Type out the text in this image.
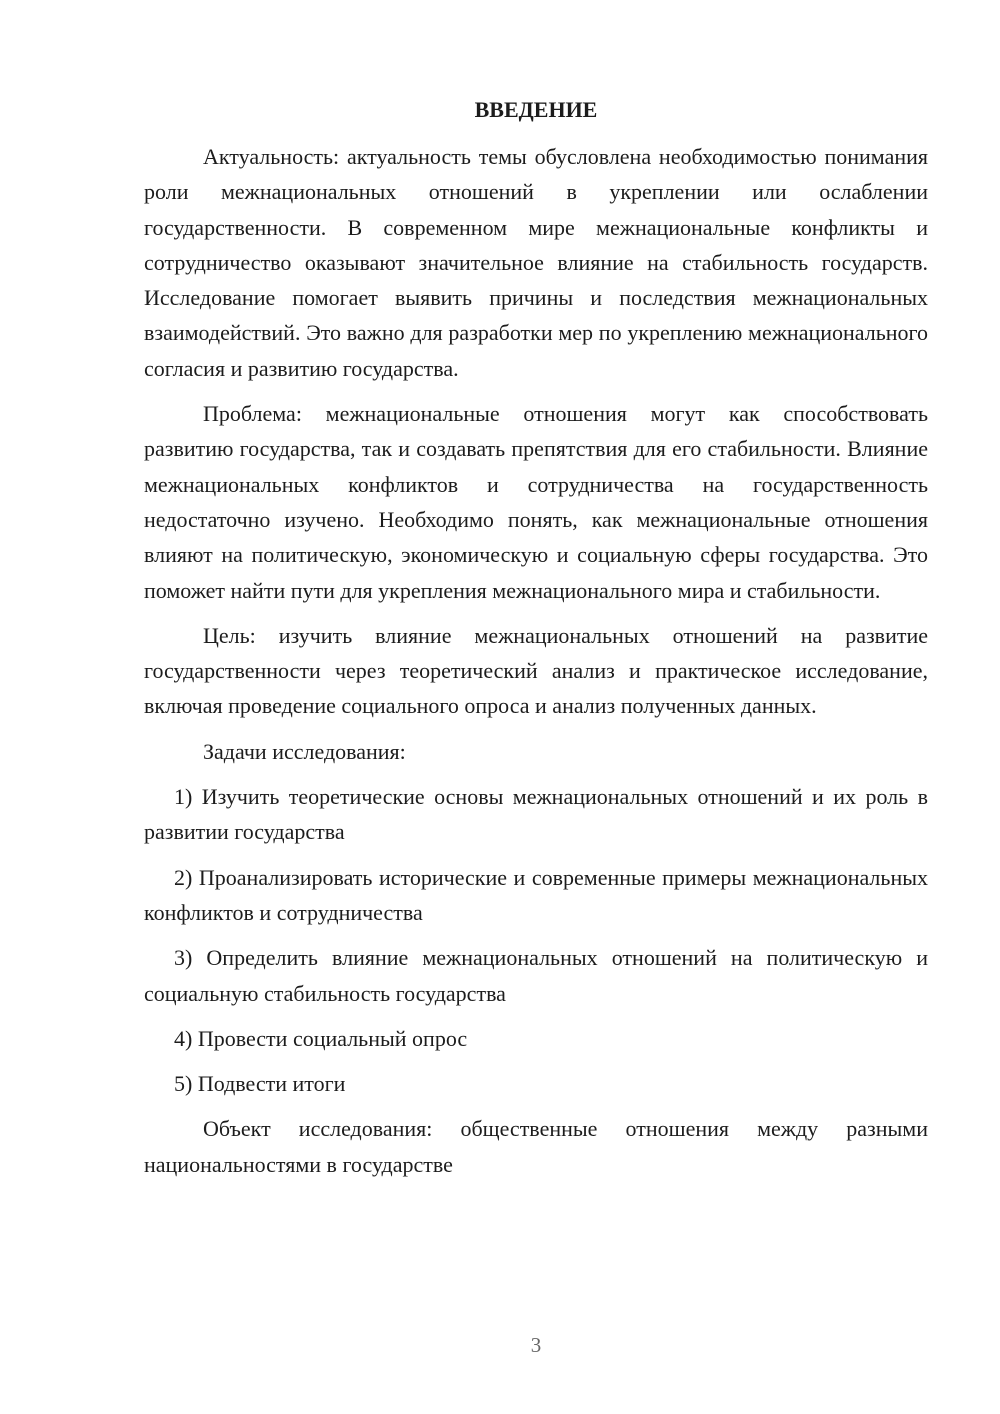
ВВЕДЕНИЕ

Актуальность: актуальность темы обусловлена необходимостью понимания роли межнациональных отношений в укреплении или ослаблении государственности. В современном мире межнациональные конфликты и сотрудничество оказывают значительное влияние на стабильность государств. Исследование помогает выявить причины и последствия межнациональных взаимодействий. Это важно для разработки мер по укреплению межнационального согласия и развитию государства.

Проблема: межнациональные отношения могут как способствовать развитию государства, так и создавать препятствия для его стабильности. Влияние межнациональных конфликтов и сотрудничества на государственность недостаточно изучено. Необходимо понять, как межнациональные отношения влияют на политическую, экономическую и социальную сферы государства. Это поможет найти пути для укрепления межнационального мира и стабильности.

Цель: изучить влияние межнациональных отношений на развитие государственности через теоретический анализ и практическое исследование, включая проведение социального опроса и анализ полученных данных.

Задачи исследования:

1) Изучить теоретические основы межнациональных отношений и их роль в развитии государства

2) Проанализировать исторические и современные примеры межнациональных конфликтов и сотрудничества

3) Определить влияние межнациональных отношений на политическую и социальную стабильность государства

4) Провести социальный опрос

5) Подвести итоги

Объект исследования: общественные отношения между разными национальностями в государстве

3
